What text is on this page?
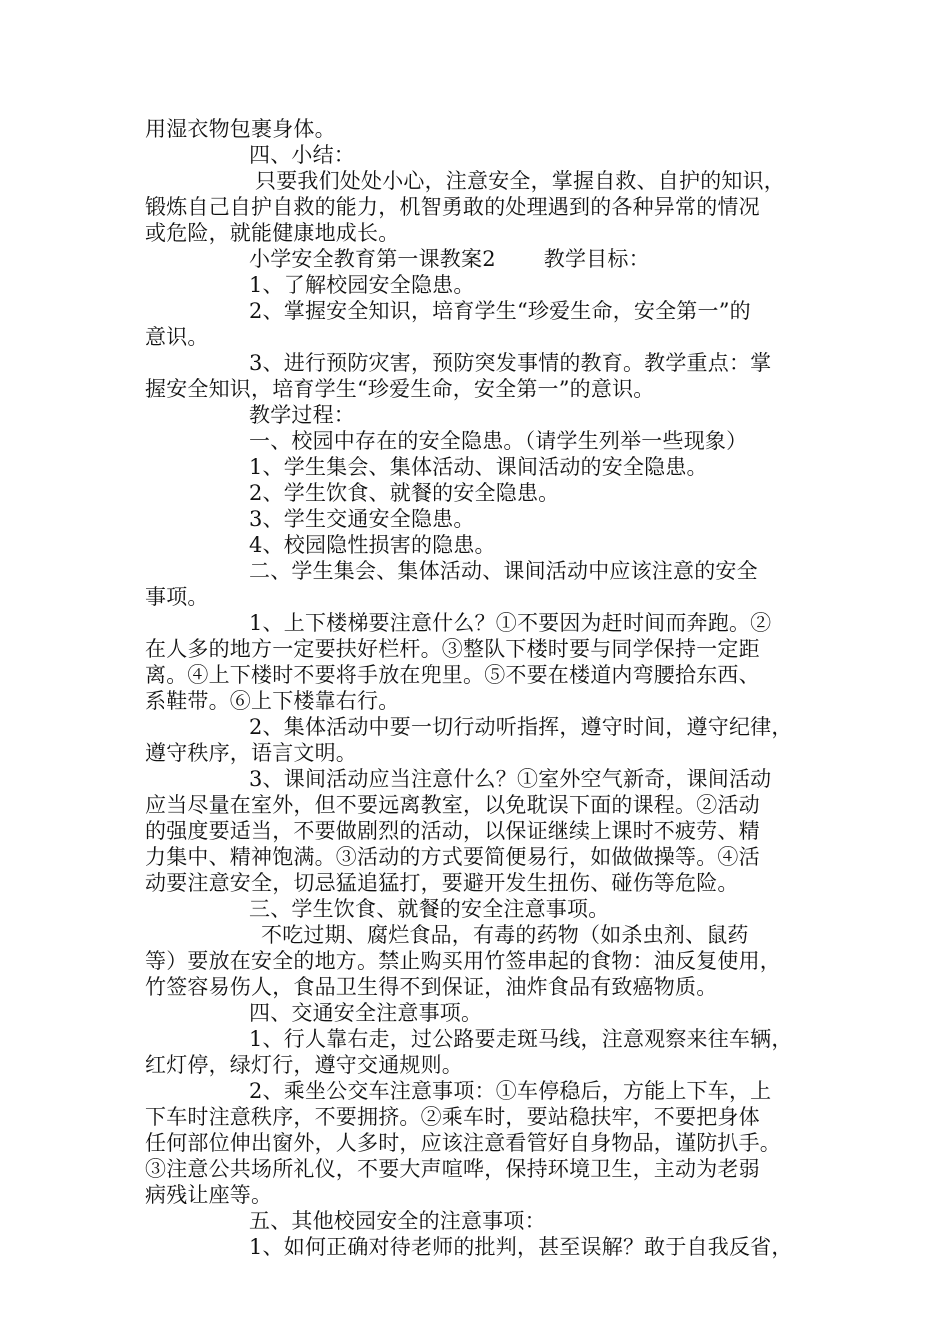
用湿衣物包裹身体。
四、小结：
只要我们处处小心，注意安全，掌握自救、自护的知识，
锻炼自己自护自救的能力，机智勇敢的处理遇到的各种异常的情况
或危险，就能健康地成长。
小学安全教育第一课教案2 教学目标：
1、了解校园安全隐患。
2、掌握安全知识，培育学生“珍爱生命，安全第一”的
意识。
3、进行预防灾害，预防突发事情的教育。教学重点：掌
握安全知识，培育学生“珍爱生命，安全第一”的意识。
教学过程：
一、校园中存在的安全隐患。（请学生列举一些现象）
1、学生集会、集体活动、课间活动的安全隐患。
2、学生饮食、就餐的安全隐患。
3、学生交通安全隐患。
4、校园隐性损害的隐患。
二、学生集会、集体活动、课间活动中应该注意的安全
事项。
1、上下楼梯要注意什么？①不要因为赶时间而奔跑。②
在人多的地方一定要扶好栏杆。③整队下楼时要与同学保持一定距
离。④上下楼时不要将手放在兜里。⑤不要在楼道内弯腰拾东西、
系鞋带。⑥上下楼靠右行。
2、集体活动中要一切行动听指挥，遵守时间，遵守纪律，
遵守秩序，语言文明。
3、课间活动应当注意什么？①室外空气新奇，课间活动
应当尽量在室外，但不要远离教室，以免耽误下面的课程。②活动
的强度要适当，不要做剧烈的活动，以保证继续上课时不疲劳、精
力集中、精神饱满。③活动的方式要简便易行，如做做操等。④活
动要注意安全，切忌猛追猛打，要避开发生扭伤、碰伤等危险。
三、学生饮食、就餐的安全注意事项。
不吃过期、腐烂食品，有毒的药物（如杀虫剂、鼠药
等）要放在安全的地方。禁止购买用竹签串起的食物：油反复使用，
竹签容易伤人，食品卫生得不到保证，油炸食品有致癌物质。
四、交通安全注意事项。
1、行人靠右走，过公路要走斑马线，注意观察来往车辆，
红灯停，绿灯行，遵守交通规则。
2、乘坐公交车注意事项：①车停稳后，方能上下车，上
下车时注意秩序，不要拥挤。②乘车时，要站稳扶牢，不要把身体
任何部位伸出窗外，人多时，应该注意看管好自身物品，谨防扒手。
③注意公共场所礼仪，不要大声喧哗，保持环境卫生，主动为老弱
病残让座等。
五、其他校园安全的注意事项：
1、如何正确对待老师的批判，甚至误解？敢于自我反省，
